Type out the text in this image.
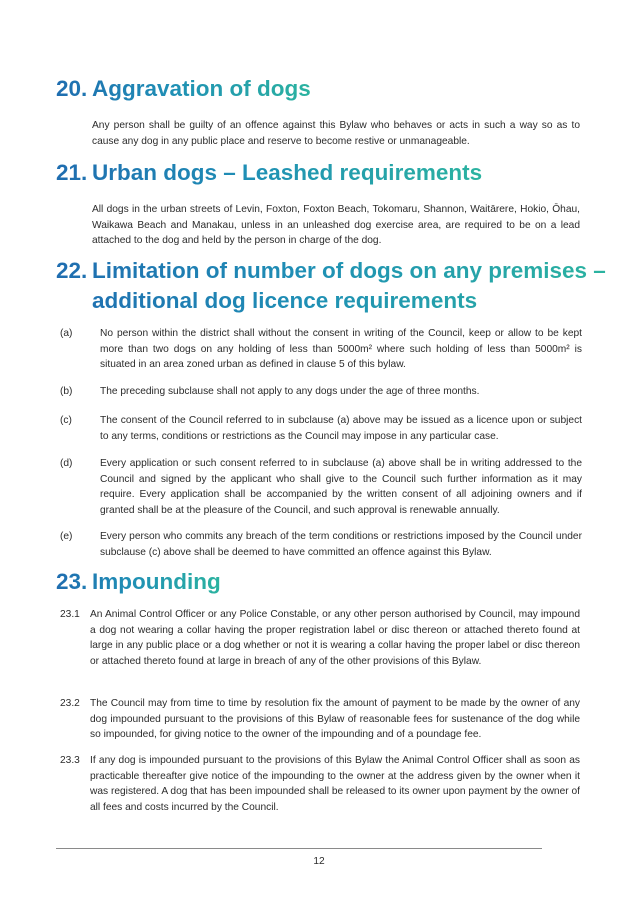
20. Aggravation of dogs

Any person shall be guilty of an offence against this Bylaw who behaves or acts in such a way so as to cause any dog in any public place and reserve to become restive or unmanageable.

21. Urban dogs – Leashed requirements

All dogs in the urban streets of Levin, Foxton, Foxton Beach, Tokomaru, Shannon, Waitārere, Hokio, Ōhau, Waikawa Beach and Manakau, unless in an unleashed dog exercise area, are required to be on a lead attached to the dog and held by the person in charge of the dog.

22. Limitation of number of dogs on any premises –
additional dog licence requirements
(a)	No person within the district shall without the consent in writing of the Council, keep or allow to be kept more than two dogs on any holding of less than 5000m² where such holding of less than 5000m² is situated in an area zoned urban as defined in clause 5 of this bylaw.
(b)	The preceding subclause shall not apply to any dogs under the age of three months.
(c)	The consent of the Council referred to in subclause (a) above may be issued as a licence upon or subject to any terms, conditions or restrictions as the Council may impose in any particular case.
(d)	Every application or such consent referred to in subclause (a) above shall be in writing addressed to the Council and signed by the applicant who shall give to the Council such further information as it may require. Every application shall be accompanied by the written consent of all adjoining owners and if granted shall be at the pleasure of the Council, and such approval is renewable annually.
(e)	Every person who commits any breach of the term conditions or restrictions imposed by the Council under subclause (c) above shall be deemed to have committed an offence against this Bylaw.
23. Impounding
23.1 An Animal Control Officer or any Police Constable, or any other person authorised by Council, may impound a dog not wearing a collar having the proper registration label or disc thereon or attached thereto found at large in any public place or a dog whether or not it is wearing a collar having the proper label or disc thereon or attached thereto found at large in breach of any of the other provisions of this Bylaw.
23.2 The Council may from time to time by resolution fix the amount of payment to be made by the owner of any dog impounded pursuant to the provisions of this Bylaw of reasonable fees for sustenance of the dog while so impounded, for giving notice to the owner of the impounding and of a poundage fee.
23.3 If any dog is impounded pursuant to the provisions of this Bylaw the Animal Control Officer shall as soon as practicable thereafter give notice of the impounding to the owner at the address given by the owner when it was registered. A dog that has been impounded shall be released to its owner upon payment by the owner of all fees and costs incurred by the Council.
12
